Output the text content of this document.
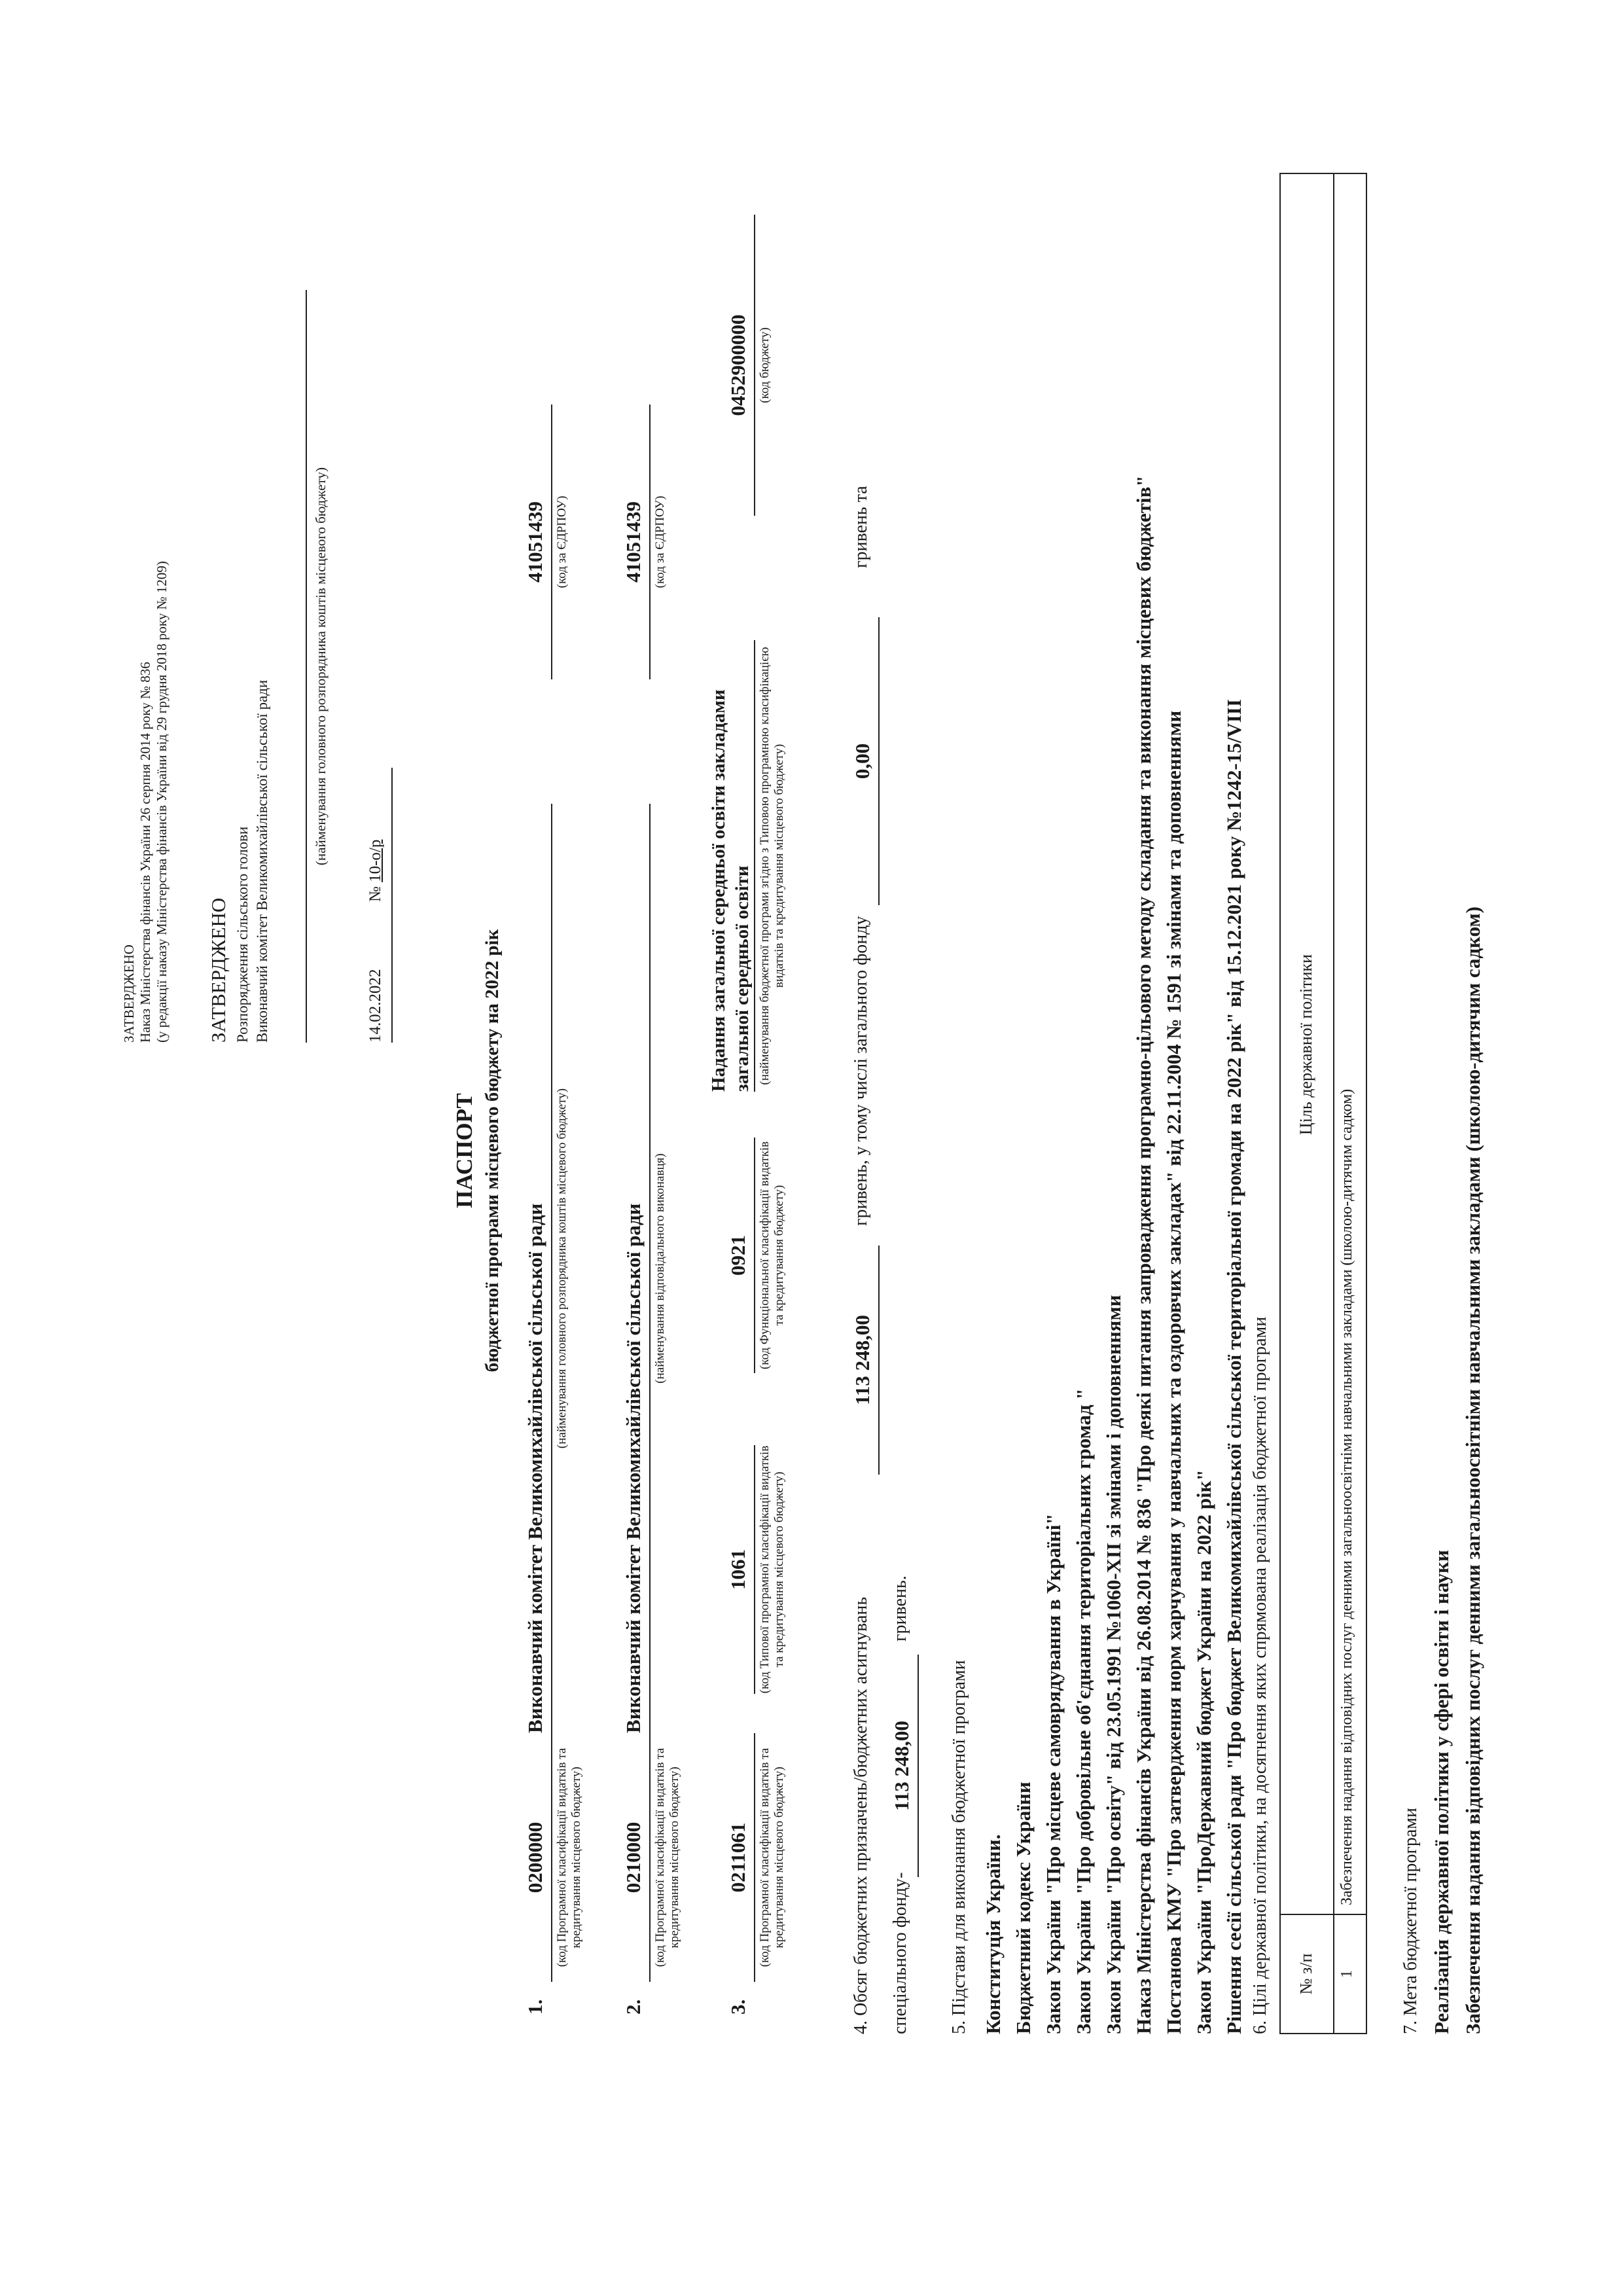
ЗАТВЕРДЖЕНО Наказ Міністерства фінансів України 26 серпня 2014 року № 836 (у редакції наказу Міністерства фінансів України від 29 грудня 2018 року № 1209) ЗАТВЕРДЖЕНО Розпорядження сільського голови Виконавчий комітет Великомихайлівської сільської ради	(найменування головного розпорядника коштів місцевого бюджету)
14.02.2022  № 10-о/р
ПАСПОРТ бюджетної програми місцевого бюджету на 2022 рік
1.
0200000 (код Програмної класифікації видатків та кредитування місцевого бюджету)
Виконавчий комітет Великомихайлівської сільської ради (найменування головного розпорядника коштів місцевого бюджету)
41051439 (код за ЄДРПОУ)
2.
0210000 (код Програмної класифікації видатків та кредитування місцевого бюджету)
Виконавчий комітет Великомихайлівської сільської ради (найменування відповідального виконавця)
41051439 (код за ЄДРПОУ)
3.
0211061 (код Програмної класифікації видатків та кредитування місцевого бюджету)
1061 (код Типової програмної класифікації видатків та кредитування місцевого бюджету)
0921 (код Функціональної класифікації видатків та кредитування бюджету)
Надання загальної середньої освіти закладами загальної середньої освіти (найменування бюджетної програми згідно з Типовою програмною класифікацією видатків та кредитування місцевого бюджету)
0452900000 (код бюджету)
4. Обсяг бюджетних призначень/бюджетних асигнувань
113 248,00
гривень, у тому числі загального фонду
0,00
гривень та
спеціального фонду-
113 248,00
гривень.
5. Підстави для виконання бюджетної програми Конституція України. Бюджетний кодекс України Закон України "Про місцеве самоврядування в Україні" Закон України "Про добровільне об'єднання територіальних громад " Закон України "Про освіту" від 23.05.1991 №1060-XII зі змінами і доповненнями Наказ Міністерства фінансів України від 26.08.2014 № 836 "Про деякі питання запровадження програмно-цільового методу складання та виконання місцевих бюджетів" Постанова КМУ "Про затвердження норм харчування у навчальних та оздоровчих закладах" від 22.11.2004 № 1591 зі змінами та доповненнями Закон України "ПроДержавний бюджет України на 2022 рік" Рішення сесії сільської ради "Про бюджет Великомихайлівської сільської територіальної громади на 2022 рік" від 15.12.2021 року №1242-15/VIII 6. Цілі державної політики, на досягнення яких спрямована реалізація бюджетної програми № з/п
Ціль державної політики
1
Забезпечення надання відповідних послуг денними загальноосвітніми навчальними закладами (школою-дитячим садком)
7. Мета бюджетної програми Реалізація державної політики у сфері освіти і науки Забезпечення надання відповідних послуг денними загальноосвітніми навчальними закладами (школою-дитячим садком)
